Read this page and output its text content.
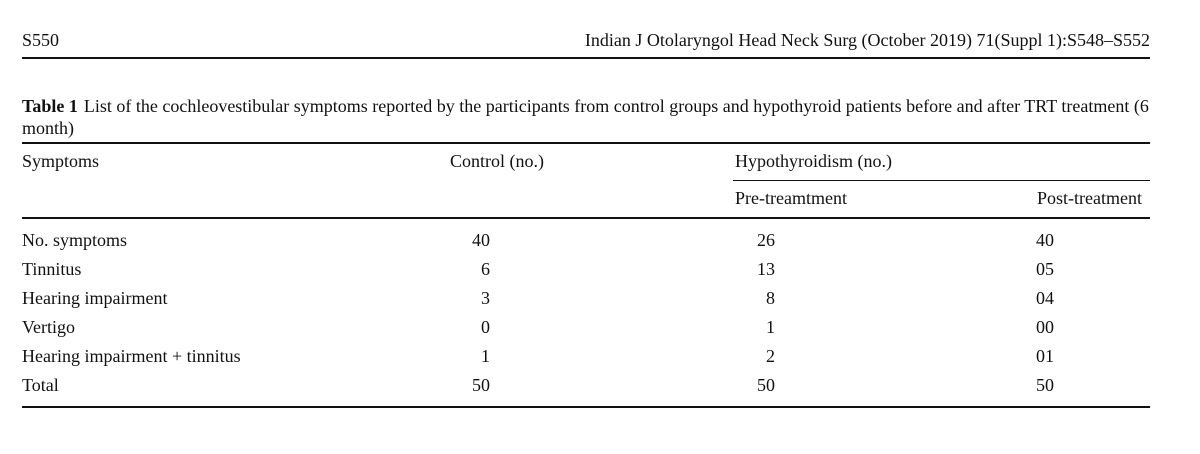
S550	Indian J Otolaryngol Head Neck Surg (October 2019) 71(Suppl 1):S548–S552
Table 1 List of the cochleovestibular symptoms reported by the participants from control groups and hypothyroid patients before and after TRT treatment (6 month)
Symptoms	Control (no.)	Hypothyroidism (no.)
Pre-treamtment	Post-treatment
No. symptoms	40	26	40
Tinnitus	6	13	05
Hearing impairment	3	8	04
Vertigo	0	1	00
Hearing impairment + tinnitus	1	2	01
Total	50	50	50
